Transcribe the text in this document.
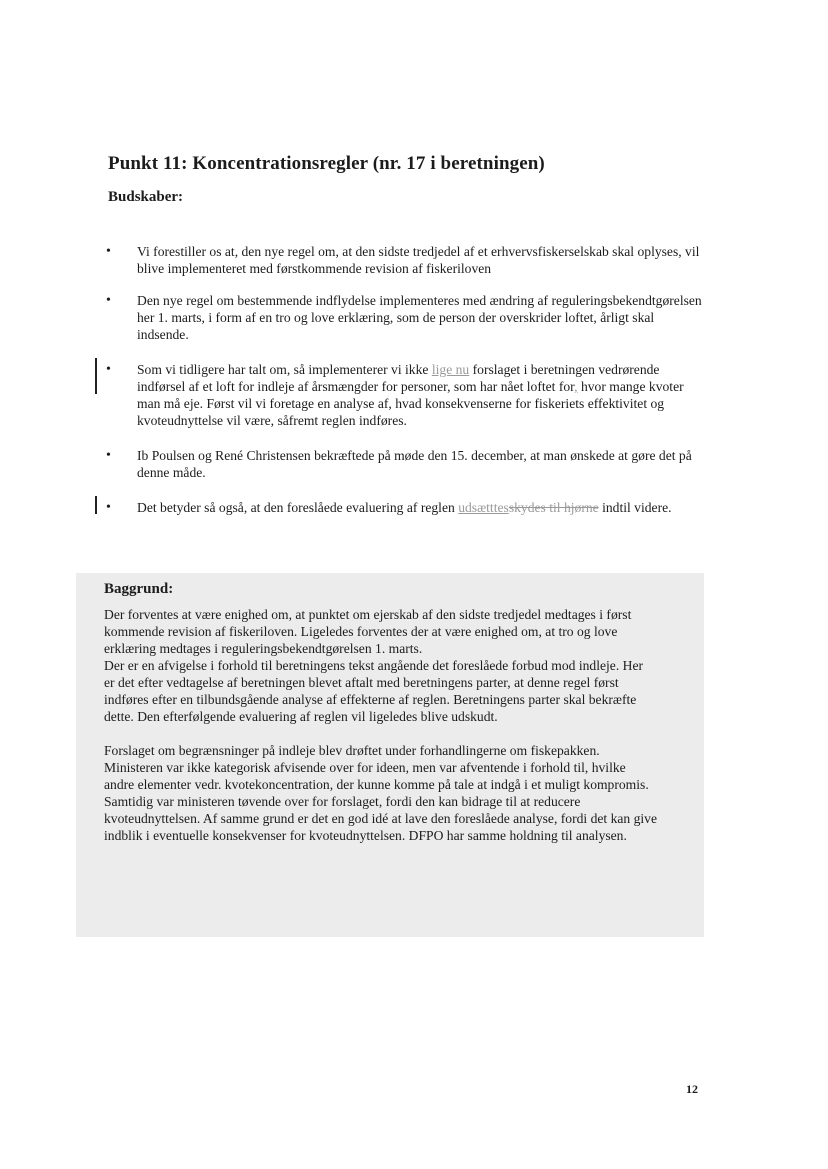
Punkt 11: Koncentrationsregler (nr. 17 i beretningen)
Budskaber:
•	Vi forestiller os at, den nye regel om, at den sidste tredjedel af et erhvervsfiskerselskab skal oplyses, vil blive implementeret med førstkommende revision af fiskeriloven
•	Den nye regel om bestemmende indflydelse implementeres med ændring af reguleringsbekendtgørelsen her 1. marts, i form af en tro og love erklæring, som de person der overskrider loftet, årligt skal indsende.
•	Som vi tidligere har talt om, så implementerer vi ikke lige nu forslaget i beretningen vedrørende indførsel af et loft for indleje af årsmængder for personer, som har nået loftet for, hvor mange kvoter man må eje. Først vil vi foretage en analyse af, hvad konsekvenserne for fiskeriets effektivitet og kvoteudnyttelse vil være, såfremt reglen indføres.
•	Ib Poulsen og René Christensen bekræftede på møde den 15. december, at man ønskede at gøre det på denne måde.
•	Det betyder så også, at den foreslåede evaluering af reglen udsætttesskydes til hjørne indtil videre.
Baggrund:

Der forventes at være enighed om, at punktet om ejerskab af den sidste tredjedel medtages i først
kommende revision af fiskeriloven. Ligeledes forventes der at være enighed om, at tro og love
erklæring medtages i reguleringsbekendtgørelsen 1. marts.
Der er en afvigelse i forhold til beretningens tekst angående det foreslåede forbud mod indleje. Her
er det efter vedtagelse af beretningen blevet aftalt med beretningens parter, at denne regel først
indføres efter en tilbundsgående analyse af effekterne af reglen. Beretningens parter skal bekræfte
dette. Den efterfølgende evaluering af reglen vil ligeledes blive udskudt.

Forslaget om begrænsninger på indleje blev drøftet under forhandlingerne om fiskepakken.
Ministeren var ikke kategorisk afvisende over for ideen, men var afventende i forhold til, hvilke
andre elementer vedr. kvotekoncentration, der kunne komme på tale at indgå i et muligt kompromis.
Samtidig var ministeren tøvende over for forslaget, fordi den kan bidrage til at reducere
kvoteudnyttelsen. Af samme grund er det en god idé at lave den foreslåede analyse, fordi det kan give
indblik i eventuelle konsekvenser for kvoteudnyttelsen. DFPO har samme holdning til analysen.

12
